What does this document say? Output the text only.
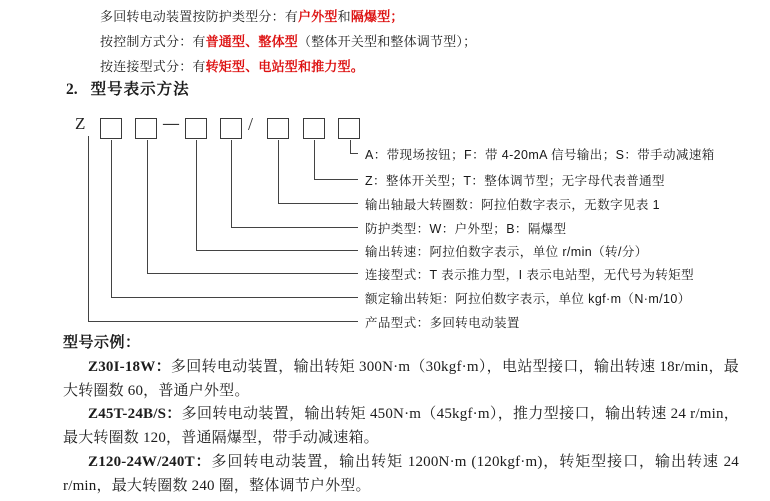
多回转电动装置按防护类型分：有户外型和隔爆型；
按控制方式分：有普通型、整体型（整体开关型和整体调节型）；
按连接型式分：有转矩型、电站型和推力型。
2. 型号表示方法
Z	—	/
A：带现场按钮；F：带 4-20mA 信号输出；S：带手动减速箱
Z：整体开关型；T：整体调节型；无字母代表普通型
输出轴最大转圈数：阿拉伯数字表示，无数字见表 1
防护类型：W：户外型；B：隔爆型
输出转速：阿拉伯数字表示，单位 r/min（转/分）
连接型式：T 表示推力型，I 表示电站型，无代号为转矩型
额定输出转矩：阿拉伯数字表示，单位 kgf·m（N·m/10）
产品型式：多回转电动装置
型号示例：

Z30I-18W：多回转电动装置，输出转矩 300N·m（30kgf·m），电站型接口，输出转速 18r/min，最大转圈数 60，普通户外型。

Z45T-24B/S：多回转电动装置，输出转矩 450N·m（45kgf·m），推力型接口，输出转速 24 r/min，最大转圈数 120，普通隔爆型，带手动减速箱。

Z120-24W/240T：多回转电动装置，输出转矩 1200N·m (120kgf·m)，转矩型接口，输出转速 24 r/min，最大转圈数 240 圈，整体调节户外型。
